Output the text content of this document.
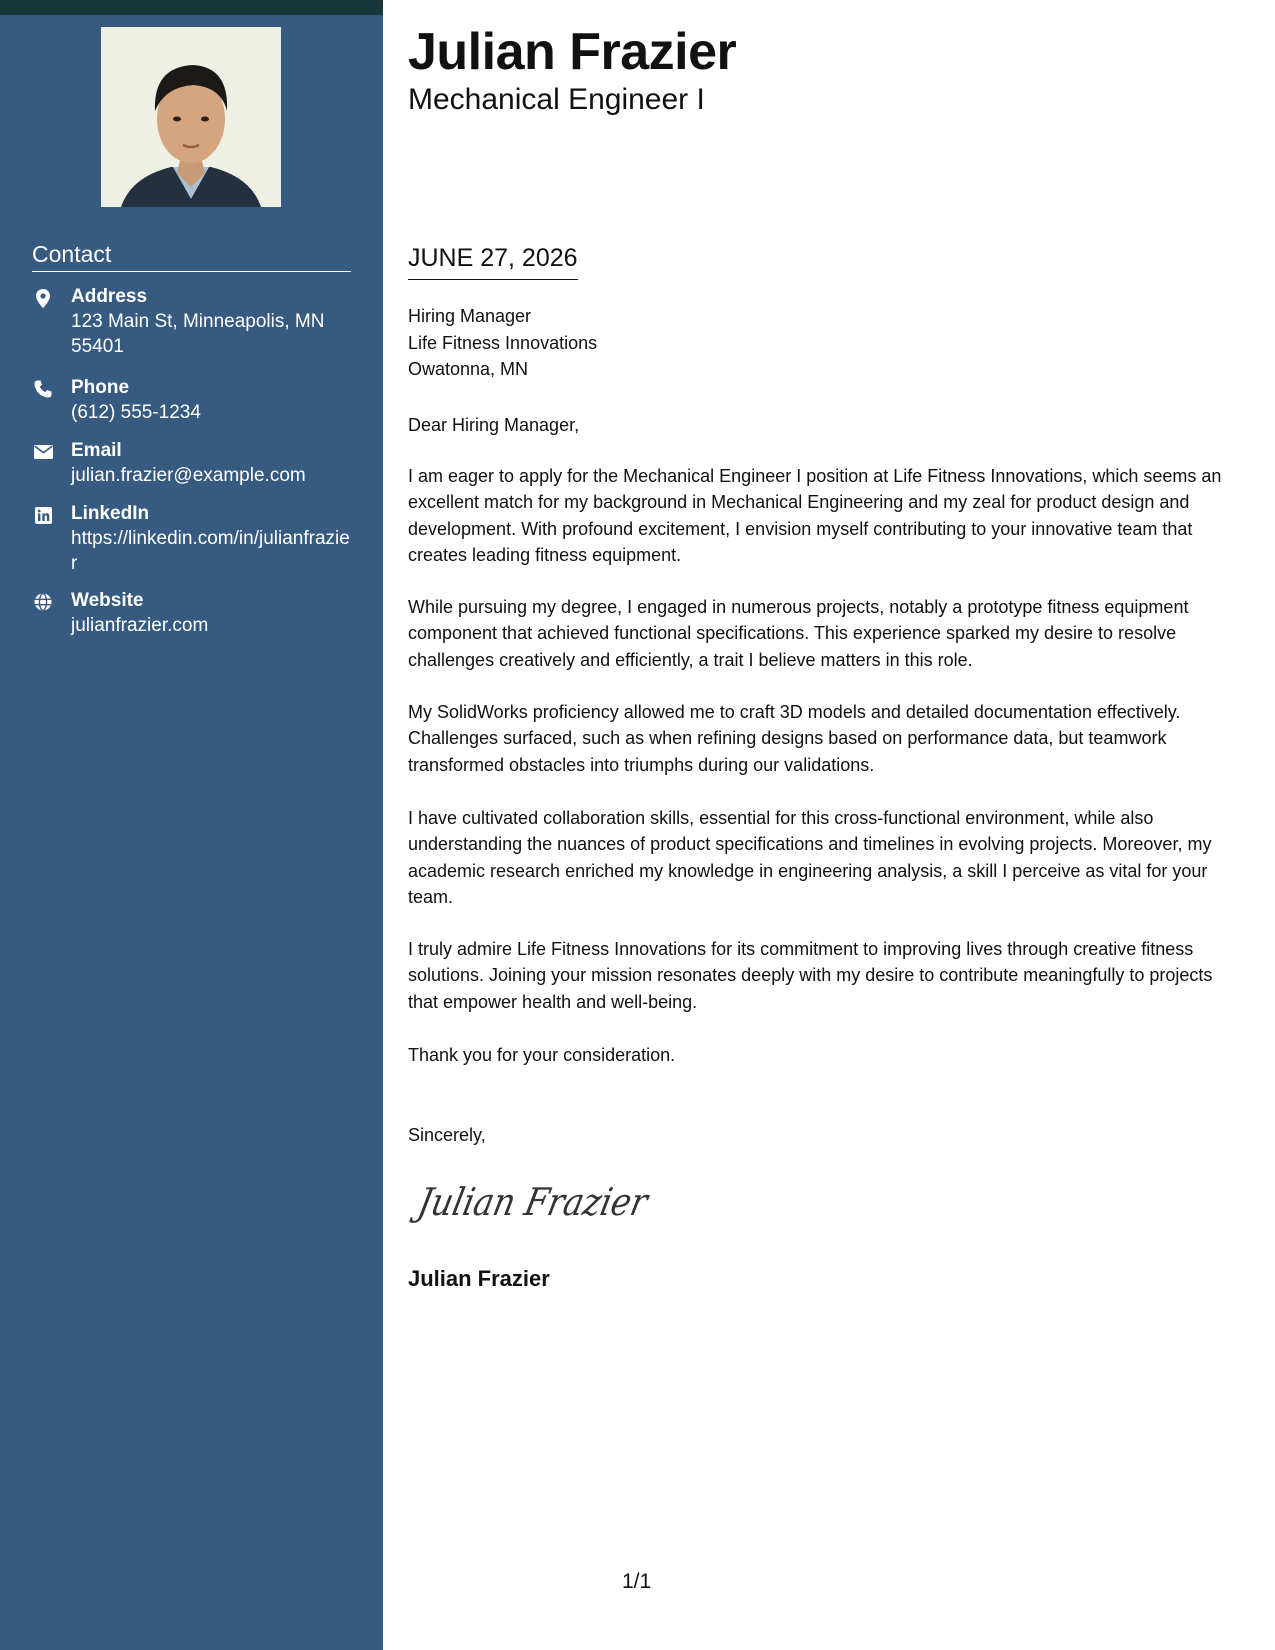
Contact
Address
123 Main St, Minneapolis, MN 55401
Phone
(612) 555-1234
Email
julian.frazier@example.com
LinkedIn
https://linkedin.com/in/julianfrazier
Website
julianfrazier.com
Julian Frazier
Mechanical Engineer I
JUNE 27, 2026
Hiring Manager
Life Fitness Innovations
Owatonna, MN
Dear Hiring Manager,
I am eager to apply for the Mechanical Engineer I position at Life Fitness Innovations, which seems an excellent match for my background in Mechanical Engineering and my zeal for product design and development. With profound excitement, I envision myself contributing to your innovative team that creates leading fitness equipment.
While pursuing my degree, I engaged in numerous projects, notably a prototype fitness equipment component that achieved functional specifications. This experience sparked my desire to resolve challenges creatively and efficiently, a trait I believe matters in this role.
My SolidWorks proficiency allowed me to craft 3D models and detailed documentation effectively. Challenges surfaced, such as when refining designs based on performance data, but teamwork transformed obstacles into triumphs during our validations.
I have cultivated collaboration skills, essential for this cross-functional environment, while also understanding the nuances of product specifications and timelines in evolving projects. Moreover, my academic research enriched my knowledge in engineering analysis, a skill I perceive as vital for your team.
I truly admire Life Fitness Innovations for its commitment to improving lives through creative fitness solutions. Joining your mission resonates deeply with my desire to contribute meaningfully to projects that empower health and well-being.
Thank you for your consideration.
Sincerely,
Julian Frazier
Julian Frazier
1/1
